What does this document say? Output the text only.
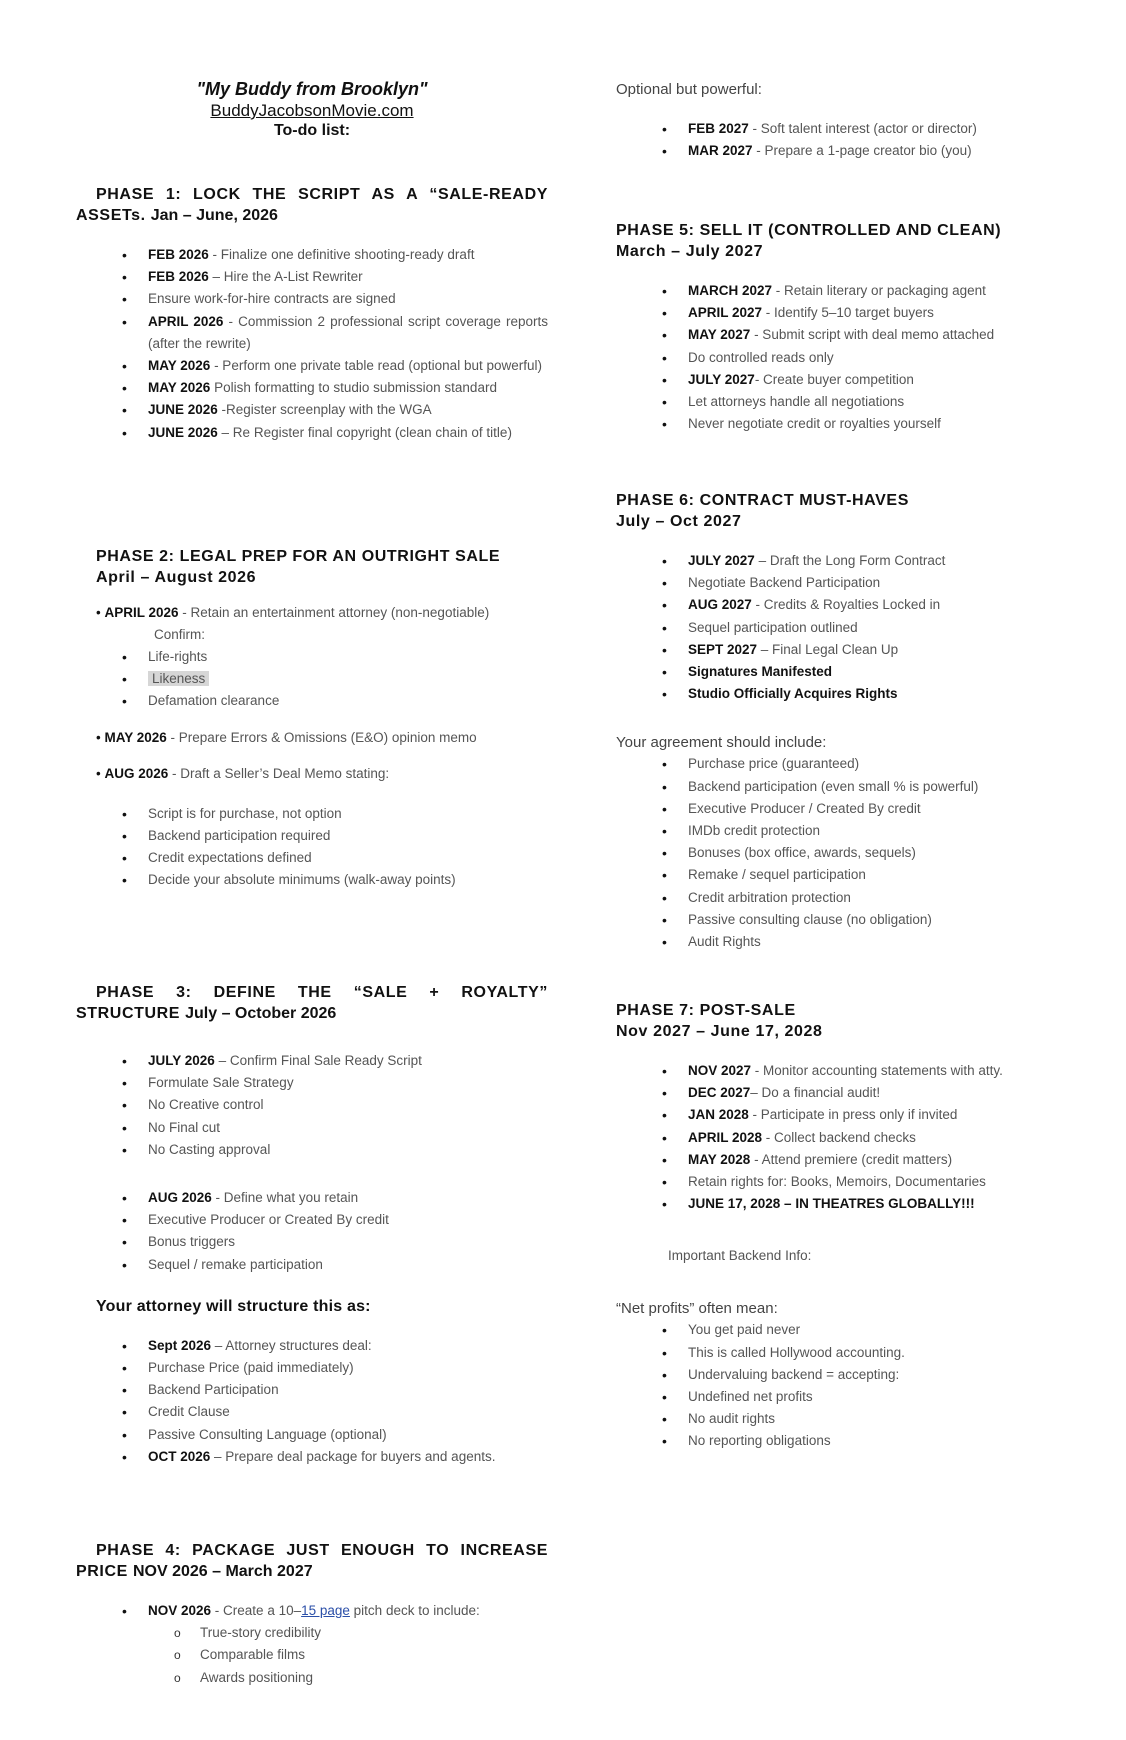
"My Buddy from Brooklyn"
BuddyJacobsonMovie.com
To-do list:
PHASE 1: LOCK THE SCRIPT AS A “SALE-READY ASSETs. Jan – June, 2026
• FEB 2026 - Finalize one definitive shooting-ready draft
• FEB 2026 – Hire the A-List Rewriter
• Ensure work-for-hire contracts are signed
• APRIL 2026 - Commission 2 professional script coverage reports (after the rewrite)
• MAY 2026 - Perform one private table read (optional but powerful)
• MAY 2026 Polish formatting to studio submission standard
• JUNE 2026 -Register screenplay with the WGA
• JUNE 2026 – Re Register final copyright (clean chain of title)
PHASE 2: LEGAL PREP FOR AN OUTRIGHT SALE
April – August 2026
• APRIL 2026 - Retain an entertainment attorney (non-negotiable)
Confirm:
• Life-rights
• Likeness
• Defamation clearance
• MAY 2026 - Prepare Errors & Omissions (E&O) opinion memo
• AUG 2026 - Draft a Seller’s Deal Memo stating:
• Script is for purchase, not option
• Backend participation required
• Credit expectations defined
• Decide your absolute minimums (walk-away points)
PHASE 3: DEFINE THE “SALE + ROYALTY” STRUCTURE July – October 2026
• JULY 2026 – Confirm Final Sale Ready Script
• Formulate Sale Strategy
• No Creative control
• No Final cut
• No Casting approval
• AUG 2026 - Define what you retain
• Executive Producer or Created By credit
• Bonus triggers
• Sequel / remake participation
Your attorney will structure this as:
• Sept 2026 – Attorney structures deal:
• Purchase Price (paid immediately)
• Backend Participation
• Credit Clause
• Passive Consulting Language (optional)
• OCT 2026 – Prepare deal package for buyers and agents.
PHASE 4: PACKAGE JUST ENOUGH TO INCREASE PRICE NOV 2026 – March 2027
• NOV 2026 - Create a 10–15 page pitch deck to include:
o True-story credibility
o Comparable films
o Awards positioning
Optional but powerful:
• FEB 2027 - Soft talent interest (actor or director)
• MAR 2027 - Prepare a 1-page creator bio (you)
PHASE 5: SELL IT (CONTROLLED AND CLEAN)
March – July 2027
• MARCH 2027 - Retain literary or packaging agent
• APRIL 2027 - Identify 5–10 target buyers
• MAY 2027 - Submit script with deal memo attached
• Do controlled reads only
• JULY 2027- Create buyer competition
• Let attorneys handle all negotiations
• Never negotiate credit or royalties yourself
PHASE 6: CONTRACT MUST-HAVES
July – Oct 2027
• JULY 2027 – Draft the Long Form Contract
• Negotiate Backend Participation
• AUG 2027 - Credits & Royalties Locked in
• Sequel participation outlined
• SEPT 2027 – Final Legal Clean Up
• Signatures Manifested
• Studio Officially Acquires Rights
Your agreement should include:
• Purchase price (guaranteed)
• Backend participation (even small % is powerful)
• Executive Producer / Created By credit
• IMDb credit protection
• Bonuses (box office, awards, sequels)
• Remake / sequel participation
• Credit arbitration protection
• Passive consulting clause (no obligation)
• Audit Rights
PHASE 7: POST-SALE
Nov 2027 – June 17, 2028
• NOV 2027 - Monitor accounting statements with atty.
• DEC 2027– Do a financial audit!
• JAN 2028 - Participate in press only if invited
• APRIL 2028 - Collect backend checks
• MAY 2028 - Attend premiere (credit matters)
• Retain rights for: Books, Memoirs, Documentaries
• JUNE 17, 2028 – IN THEATRES GLOBALLY!!!
Important Backend Info:
“Net profits” often mean:
• You get paid never
• This is called Hollywood accounting.
• Undervaluing backend = accepting:
• Undefined net profits
• No audit rights
• No reporting obligations
